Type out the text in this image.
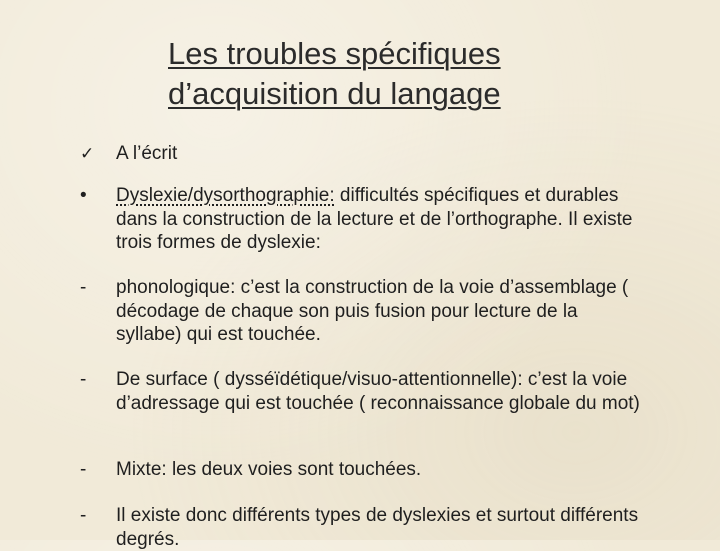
Les troubles spécifiques
d’acquisition du langage
✓ A l’écrit
• Dyslexie/dysorthographie: difficultés spécifiques et durables dans la construction de la lecture et de l’orthographe. Il existe trois formes de dyslexie:
- phonologique: c’est la construction de la voie d’assemblage ( décodage de chaque son puis fusion pour lecture de la syllabe) qui est touchée.
- De surface ( dysséïdétique/visuo-attentionnelle): c’est la voie d’adressage qui est touchée ( reconnaissance globale du mot)
- Mixte: les deux voies sont touchées.
- Il existe donc différents types de dyslexies et surtout différents degrés.
